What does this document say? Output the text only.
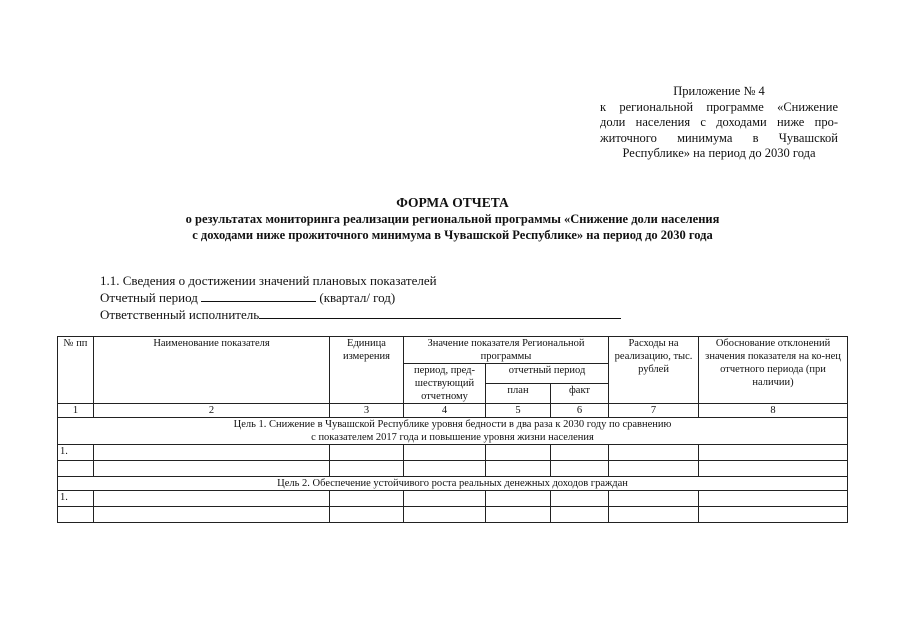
Приложение № 4
к региональной программе «Снижение
доли населения с доходами ниже про-
житочного минимума в Чувашской
Республике» на период до 2030 года
ФОРМА ОТЧЕТА
о результатах мониторинга реализации региональной программы «Снижение доли населения
с доходами ниже прожиточного минимума в Чувашской Республике» на период до 2030 года
1.1. Сведения о достижении значений плановых показателей
Отчетный период	(квартал/ год)
Ответственный исполнитель
№ пп	Наименование показателя	Единица измерения	Значение показателя Региональной программы			Расходы на реализацию, тыс. рублей	Обоснование отклонений значения показателя на ко-нец отчетного периода (при наличии)
			период, пред-шествующий отчетному	отчетный период			
				план	факт		
1	2	3	4	5	6	7	8

Цель 1. Снижение в Чувашской Республике уровня бедности в два раза к 2030 году по сравнению
с показателем 2017 года и повышение уровня жизни населения							

1.							

Цель 2. Обеспечение устойчивого роста реальных денежных доходов граждан							
1.							
